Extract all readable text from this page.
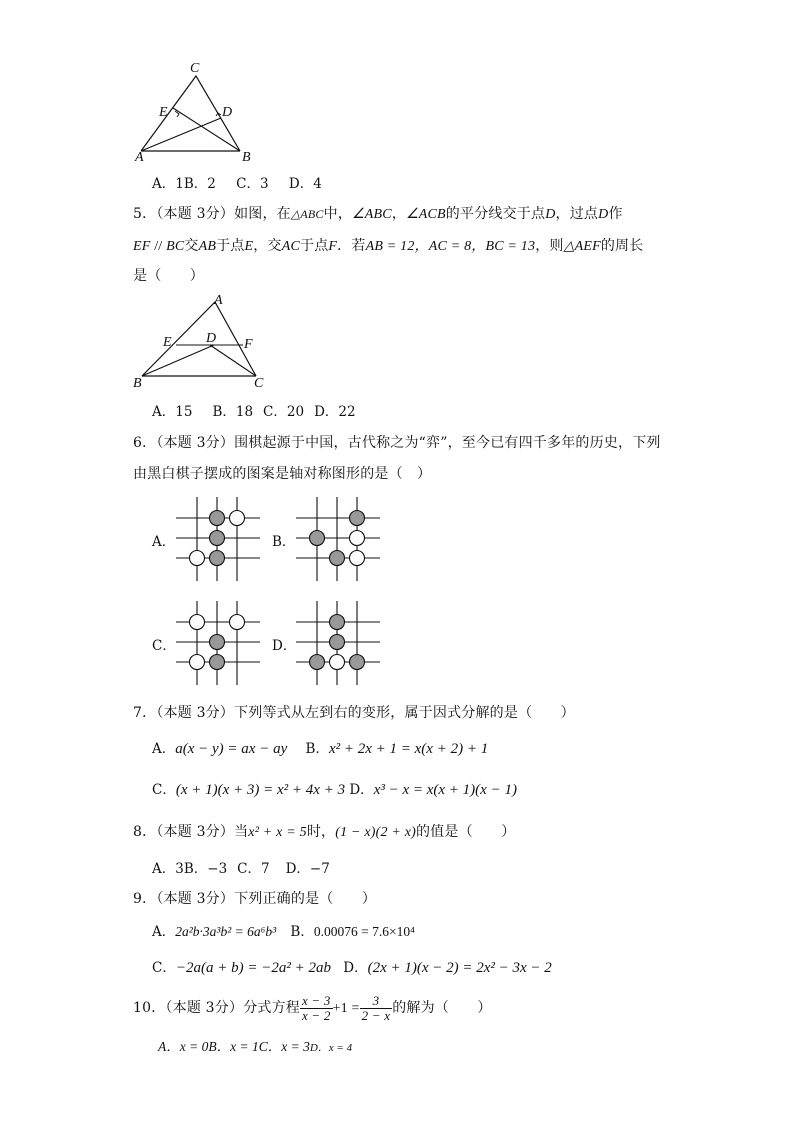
C
E	D
A	B
A．1B．2 C．3 D．4
5．（本题 3分）如图，在△ABC中，∠ABC，∠ACB的平分线交于点D，过点D作
EF // BC交AB于点E，交AC于点F．若AB = 12，AC = 8，BC = 13，则△AEF的周长
是（　　）
A
E D F
B	C
A．15 B．18 C．20 D．22
6．（本题 3分）围棋起源于中国，古代称之为“弈”，至今已有四千多年的历史，下列
由黑白棋子摆成的图案是轴对称图形的是（　）
A．	B．
C．	D．
7．（本题 3分）下列等式从左到右的变形，属于因式分解的是（　　）
A．a(x − y) = ax − ay B．x² + 2x + 1 = x(x + 2) + 1
C．(x + 1)(x + 3) = x² + 4x + 3 D．x³ − x = x(x + 1)(x − 1)
8．（本题 3分）当x² + x = 5时，(1 − x)(2 + x)的值是（　　）
A．3B．−3 C．7 D．−7
9．（本题 3分）下列正确的是（　　）
A．2a²b·3a³b² = 6a⁶b³ B．0.00076 = 7.6×10⁴
C．−2a(a + b) = −2a² + 2ab D．(2x + 1)(x − 2) = 2x² − 3x − 2
10．（本题 3分）分式方程 $\frac{x - 3}{x - 2} +1 = \frac{3}{2 - x}$ 的解为（　　）
A．x = 0B．x = 1C．x = 3D．x = 4
